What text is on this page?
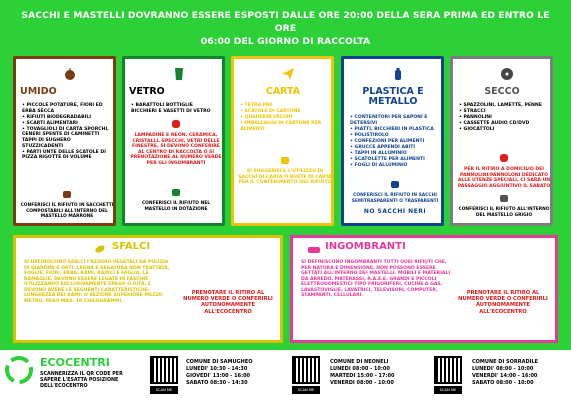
SACCHI E MASTELLI DOVRANNO ESSERE ESPOSTI DALLE ORE 20:00 DELLA SERA PRIMA ED ENTRO LE ORE
06:00 DEL GIORNO DI RACCOLTA
UMIDO
• PICCOLE POTATURE, FIORI ED ERBA SECCA
• RIFIUTI BIODEGRADABILI
• SCARTI ALIMENTARI
• TOVAGLIOLI DI CARTA SPORCHI, CENERI SPENTE DI CAMINETTI TAPPI DI SUGHERO STUZZICADENTI
• PARTI UNTE DELLE SCATOLE DI PIZZA RIGOTTE DI VOLUME
CONFERISCI IL RIFIUTO IN SACCHETTI COMPOSTABILI ALL'INTERNO DEL MASTELLO MARRONE
VETRO
• BARATTOLI BOTTIGLIE BICCHIERI E VASETTI DI VETRO
LAMPADINE E NEON, CERAMICA, CRISTALLI, SPECCHI, VETRI DELLE FINESTRE, SI DEVONO CONFERIRE AL CENTRO DI RACCOLTA O SI PRENOTAZIONE AL NUMERO VERDE PER GLI INGOMBRANTI
CONFERISCI IL RIFIUTO NEL MASTELLO IN DOTAZIONE
CARTA
• TETRA PAK
• SCATOLE DI CARTONE
• QUADERNI VECCHI
• IMBALLAGGI DI CARTONE PER ALIMENTI
SI SUGGERISCE L'UTILIZZO DI SACCHI DI CARTA O BUSTE DI CARTA PER IL CONFERIMENTO DEL RIFIUTO
PLASTICA E METALLO
• CONTENITORI PER SAPONI E DETERSIVI
• PIATTI, BICCHIERI IN PLASTICA
• POLISTIROLO
• CONFEZIONI PER ALIMENTI
• GRUCCE APPENDI ABITI
• TAPPI IN ALLUMINIO
• SCATOLETTE PER ALIMENTI
• FOGLI DI ALLUMINIO
CONFERISCI IL RIFIUTO IN SACCHI SEMITRASPARENTI O TRASPARENTI
NO SACCHI NERI
SECCO
• SPAZZOLINI, LAMETTE, PENNE
• STRACCI
• PANNOLINI
• CASSETTE AUDIO CD/DVD
• GIOCATTOLI
PER IL RITIRO A DOMICILIO DEI PANNOLINI/PANNOLONI DEDICATO ALLE UTENZE SPECIALI, CI SARÀ UN PASSAGGIO AGGIUNTIVO IL SABATO
CONFERISCI IL RIFIUTO ALL'INTERNO DEL MASTELLO GRIGIO
SFALCI
SI DEFINISCONO SFALCI I RESIDUI VEGETALI DA PULIZIA DI GIARDINI E ORTI, LEGNA E SEGATURA NON TRATTATA, FOGLIE, FIORI, ERBA, RAMI, RADICI E FAGLIA. LE RAMAGLIE, DEVONO ESSERE LEGATE IN FASCINE UTILIZZANDO ESCLUSIVAMENTE SPAGO O IUTA, E DEVONO AVERE LE SEGUENTI CARATTERISTICHE: LUNGHEZZA DEI RAMI: O SEZIONE SUPERIORE MEZZO METRO, PESO MAX. 10 CHILOGRAMMI.
PRENOTARE IL RITIRO AL NUMERO VERDE O CONFERIRLI AUTONOMAMENTE ALL'ECOCENTRO
INGOMBRANTI
SI DEFINISCONO INGOMBRANTI TUTTI QUEI RIFIUTI CHE, PER NATURA E DIMENSIONE, NON POSSONO ESSERE GETTATI ALL'INTERNO DEI MASTELLI. MOBILI E MATERIALI DA ARREDO, MATERASSI, R.A.E.E. GRANDI E PICCOLI ELETTRODOMESTICI TIPO FRIGORIFERI, CUCINE A GAS, LAVASTOVIGLIE, LAVATRICI, TELEVISORI, COMPUTER, STAMPANTI, CELLULARI.	PRENOTARE IL RITIRO AL NUMERO VERDE O CONFERIRLI AUTONOMAMENTE ALL'ECOCENTRO
ECOCENTRI
SCANNERIZZA IL QR CODE PER SAPERE L'ESATTA POSIZIONE DELL'ECOCENTRO
SCAN ME
COMUNE DI SAMUGHEO
LUNEDI' 10:30 - 14:30
GIOVEDI' 13:00 - 16:00
SABATO 08:30 - 14:30
SCAN ME
COMUNE DI NEONELI
LUNEDI 08:00 - 10:00
MARTEDI 15:00 - 17:00
VENERDI 08:00 - 10:00
SCAN ME
COMUNE DI SORRADILE
LUNEDI' 08:00 - 10:00
VENERDI' 14:00 - 16:00
SABATO 08:00 - 10:00
